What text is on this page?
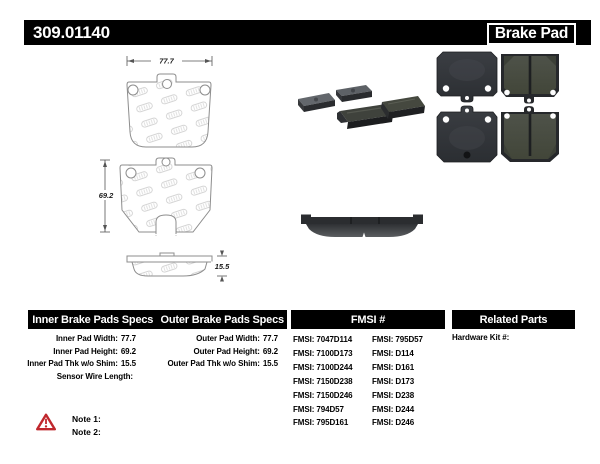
309.01140	Brake Pad
77.7
69.2
15.5
Inner Brake Pads Specs Outer Brake Pads Specs	FMSI #	Related Parts
Inner Pad Width: 77.7
Inner Pad Height: 69.2
Inner Pad Thk w/o Shim: 15.5
Sensor Wire Length:
Outer Pad Width: 77.7
Outer Pad Height: 69.2
Outer Pad Thk w/o Shim: 15.5
FMSI: 7047D114
FMSI: 7100D173
FMSI: 7100D244
FMSI: 7150D238
FMSI: 7150D246
FMSI: 794D57
FMSI: 795D161
FMSI: 795D57
FMSI: D114
FMSI: D161
FMSI: D173
FMSI: D238
FMSI: D244
FMSI: D246
Hardware Kit #:
Note 1:
Note 2:
